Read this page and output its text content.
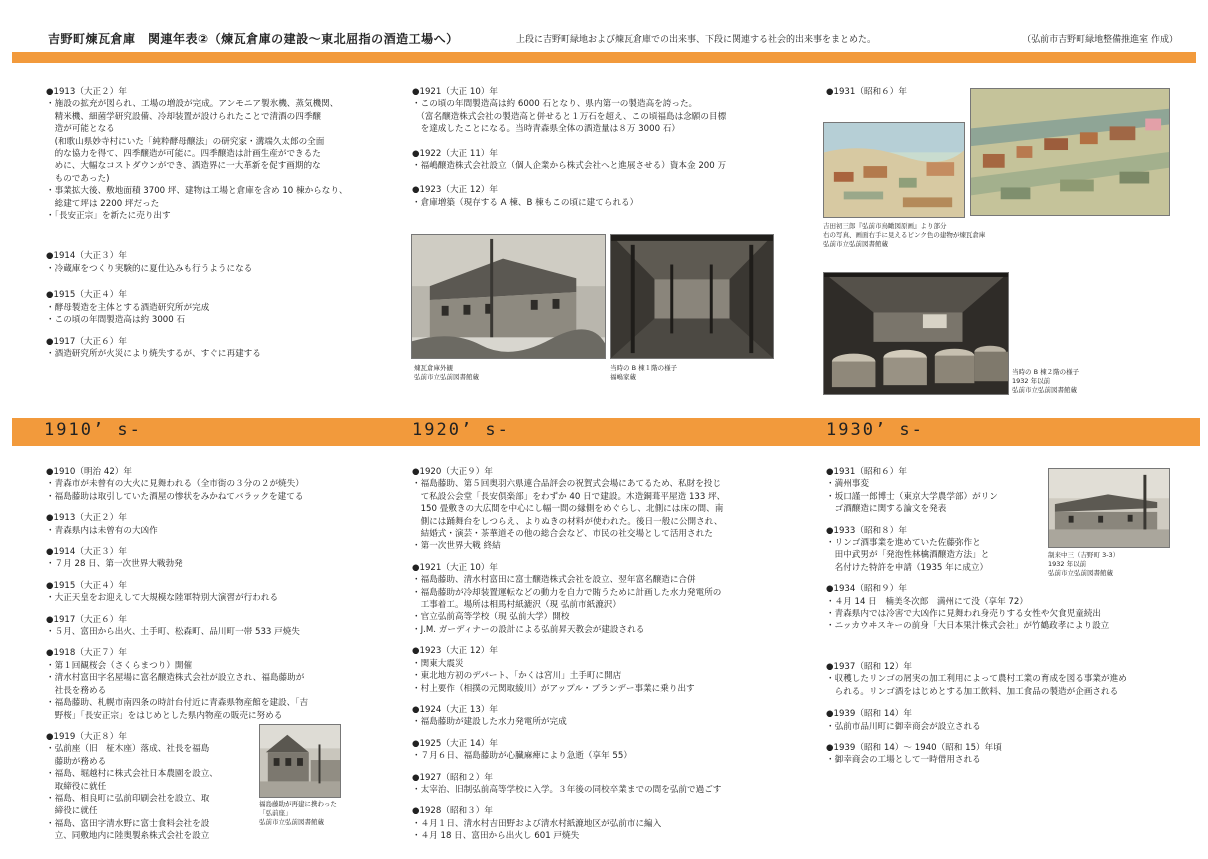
吉野町煉瓦倉庫　関連年表②（煉瓦倉庫の建設～東北屈指の酒造工場へ）	上段に吉野町緑地および煉瓦倉庫での出来事、下段に関連する社会的出来事をまとめた。	（弘前市吉野町緑地整備推進室 作成）
●1913（大正２）年
・施設の拡充が図られ、工場の増設が完成。アンモニア製氷機、蒸気機関、
　精米機、細菌学研究設備、冷却装置が設けられたことで清酒の四季醸
　造が可能となる
　(和歌山県妙寺村にいた「純粋酵母醸法」の研究家・溝端久太郎の全面
　的な協力を得て、四季醸造が可能に。四季醸造は計画生産ができるた
　めに、大幅なコストダウンができ、酒造界に一大革新を促す画期的な
　ものであった)
・事業拡大後、敷地面積 3700 坪、建物は工場と倉庫を含め 10 棟からなり、
　総建て坪は 2200 坪だった
・「長安正宗」を新たに売り出す
●1914（大正３）年
・冷蔵庫をつくり実験的に夏仕込みも行うようになる
●1915（大正４）年
・酵母製造を主体とする酒造研究所が完成
・この頃の年間製造高は約 3000 石
●1917（大正６）年
・酒造研究所が火災により焼失するが、すぐに再建する
●1921（大正 10）年
・この頃の年間製造高は約 6000 石となり、県内第一の製造高を誇った。
　（富名醸造株式会社の製造高と併せると１万石を超え、この頃福島は念願の目標
　を達成したことになる。当時青森県全体の酒造量は８万 3000 石）
●1922（大正 11）年
・福嶋醸造株式会社設立（個人企業から株式会社へと進展させる）資本金 200 万
●1923（大正 12）年
・倉庫増築（現存する A 棟、B 棟もこの頃に建てられる）
●1931（昭和６）年
煉瓦倉庫外観
弘前市立弘前図書館蔵
当時の B 棟１階の様子
福嶋家蔵
吉田初三郎『弘前市鳥瞰図原画』より部分
右の写真、画面右手に見えるピンク色の建物が煉瓦倉庫
弘前市立弘前図書館蔵
当時の B 棟２階の様子
1932 年以前
弘前市立弘前図書館蔵
1910’ s-	1920’ s-	1930’ s-
●1910（明治 42）年
・青森市が未曾有の大火に見舞われる（全市街の３分の２が焼失）
・福島藤助は取引していた酒屋の惨状をみかねてバラックを建てる
●1913（大正２）年
・青森県内は未曾有の大凶作
●1914（大正３）年
・７月 28 日、第一次世界大戦勃発
●1915（大正４）年
・大正天皇をお迎えして大規模な陸軍特別大演習が行われる
●1917（大正６）年
・５月、富田から出火、土手町、松森町、品川町一帯 533 戸焼失
●1918（大正７）年
・第１回観桜会（さくらまつり）開催
・清水村富田字名屋場に富名醸造株式会社が設立され、福島藤助が
　社長を務める
・福島藤助、札幌市南四条の時計台付近に青森県物産館を建設、「吉
　野桜」「長安正宗」をはじめとした県内物産の販売に努める
●1919（大正８）年
・弘前座（旧　柾木座）落成、社長を福島
　藤助が務める
・福島、堀越村に株式会社日本農園を設立、
　取締役に就任
・福島、相良町に弘前印刷会社を設立、取
　締役に就任
・福島、富田字清水野に富士食料会社を設
　立、同敷地内に陸奥製糸株式会社を設立
●1920（大正９）年
・福島藤助、第５回奥羽六県連合品評会の祝賀式会場にあてるため、私財を投じ
　て私設公会堂「長安倶楽部」をわずか 40 日で建設。木造銅葺平屋造 133 坪、
　150 畳敷きの大広間を中心にし幅一間の縁側をめぐらし、北側には床の間、南
　側には踊舞台をしつらえ、よりぬきの材料が使われた。後日一般に公開され、
　結婚式・演芸・茶華道その他の総合会など、市民の社交場として活用された
・第一次世界大戦 終結
●1921（大正 10）年
・福島藤助、清水村富田に富士醸造株式会社を設立、翌年富名醸造に合併
・福島藤助が冷却装置運転などの動力を自力で賄うために計画した水力発電所の
　工事着工。場所は相馬村紙漉沢（現 弘前市紙漉沢）
・官立弘前高等学校（現 弘前大学）開校
・J.M. ガーディナーの設計による弘前昇天教会が建設される
●1923（大正 12）年
・関東大震災
・東北地方初のデパート、「かくは宮川」土手町に開店
・村上要作（相撲の元関取綾川）がアップル・ブランデー事業に乗り出す
●1924（大正 13）年
・福島藤助が建設した水力発電所が完成
●1925（大正 14）年
・７月６日、福島藤助が心臓麻痺により急逝（享年 55）
●1927（昭和２）年
・太宰治、旧制弘前高等学校に入学。３年後の同校卒業までの間を弘前で過ごす
●1928（昭和３）年
・４月１日、清水村吉田野および清水村紙漉地区が弘前市に編入
・４月 18 日、富田から出火し 601 戸焼失
●1931（昭和６）年
・満州事変
・坂口謹一郎博士（東京大学農学部）がリン
　ゴ酒醸造に関する論文を発表
●1933（昭和８）年
・リンゴ酒事業を進めていた佐藤弥作と
　田中武男が「発泡性林檎酒醸造方法」と
　名付けた特許を申請（1935 年に成立）
●1934（昭和９）年
・４月 14 日　楠美冬次郎　満州にて没（享年 72）
・青森県内では冷害で大凶作に見舞われ身売りする女性や欠食児童続出
・ニッカウヰスキーの前身「大日本果汁株式会社」が竹鶴政孝により設立
●1937（昭和 12）年
・収穫したリンゴの屑実の加工利用によって農村工業の育成を図る事業が進め
　られる。リンゴ酒をはじめとする加工飲料、加工食品の製造が企画される
●1939（昭和 14）年
・弘前市品川町に御幸商会が設立される
●1939（昭和 14）～ 1940（昭和 15）年頃
・御幸商会の工場として一時借用される
福島藤助が再建に携わった
「弘前座」
弘前市立弘前図書館蔵
制来中三（吉野町 3-3）
1932 年以前
弘前市立弘前図書館蔵
